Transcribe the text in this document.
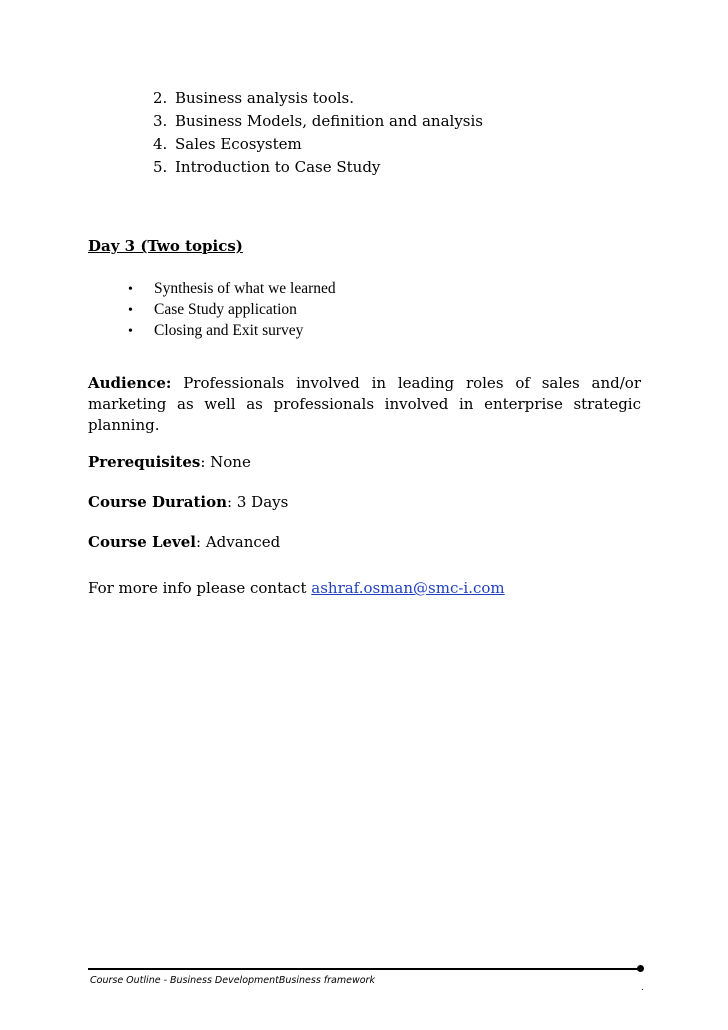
2. Business analysis tools.
3. Business Models, definition and analysis
4. Sales Ecosystem
5. Introduction to Case Study
Day 3 (Two topics)
• Synthesis of what we learned
• Case Study application
• Closing and Exit survey
Audience: Professionals involved in leading roles of sales and/or marketing as well as professionals involved in enterprise strategic planning.
Prerequisites: None
Course Duration: 3 Days
Course Level: Advanced
For more info please contact ashraf.osman@smc-i.com
Course Outline - Business DevelopmentBusiness framework
.
